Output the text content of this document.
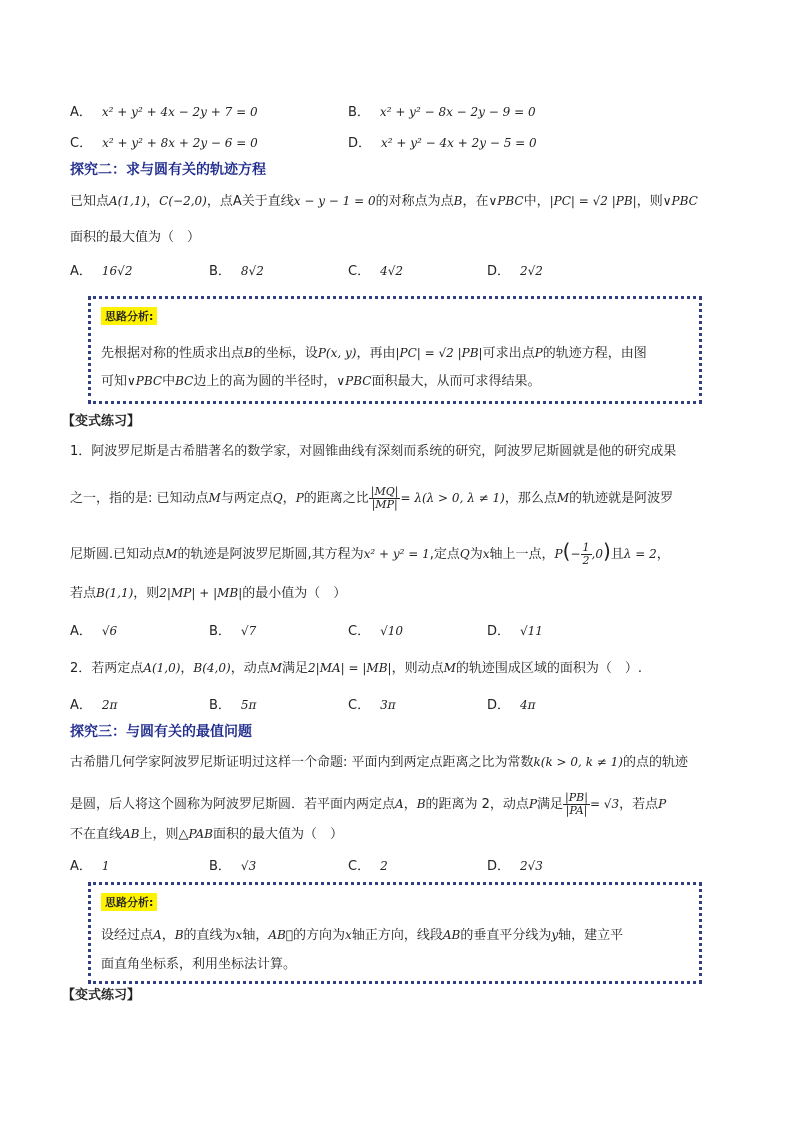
A． x² + y² + 4x − 2y + 7 = 0	B． x² + y² − 8x − 2y − 9 = 0
C． x² + y² + 8x + 2y − 6 = 0	D． x² + y² − 4x + 2y − 5 = 0
探究二：求与圆有关的轨迹方程
已知点A(1,1)，C(−2,0)，点A关于直线x − y − 1 = 0的对称点为点B，在∨PBC中，|PC| = √2 |PB|，则∨PBC
面积的最大值为（　）
A． 16√2	B． 8√2	C． 4√2	D． 2√2
思路分析:
先根据对称的性质求出点B的坐标，设P(x, y)，再由|PC| = √2 |PB|可求出点P的轨迹方程，由图
可知∨PBC中BC边上的高为圆的半径时，∨PBC面积最大，从而可求得结果。
【变式练习】
1．阿波罗尼斯是古希腊著名的数学家，对圆锥曲线有深刻而系统的研究，阿波罗尼斯圆就是他的研究成果
之一，指的是: 已知动点M与两定点Q，P的距离之比 $\frac{|MQ|}{|MP|} = \lambda(\lambda > 0$, λ ≠ 1)，那么点M的轨迹就是阿波罗
尼斯圆.已知动点M的轨迹是阿波罗尼斯圆,其方程为x² + y² = 1,定点Q为x轴上一点，$P(- \frac{1}{2} ,0)$且λ = 2，
若点B(1,1)，则2|MP| + |MB|的最小值为（　）
A． √6	B． √7	C． √10	D． √11
2．若两定点A(1,0)，B(4,0)，动点M满足2|MA| = |MB|，则动点M的轨迹围成区域的面积为（　）.
A． 2π	B． 5π	C． 3π	D． 4π
探究三：与圆有关的最值问题
古希腊几何学家阿波罗尼斯证明过这样一个命题: 平面内到两定点距离之比为常数k(k > 0, k ≠ 1)的点的轨迹
是圆，后人将这个圆称为阿波罗尼斯圆．若平面内两定点A，B的距离为 2，动点P满足 $\frac{|PB|}{|PA|} = √3$，若点P
不在直线AB上，则△PAB面积的最大值为（　）
A． 1	B． √3	C． 2	D． 2√3
思路分析:
设经过点A，B的直线为x轴，AB⃗的方向为x轴正方向，线段AB的垂直平分线为y轴，建立平
面直角坐标系，利用坐标法计算。
【变式练习】
